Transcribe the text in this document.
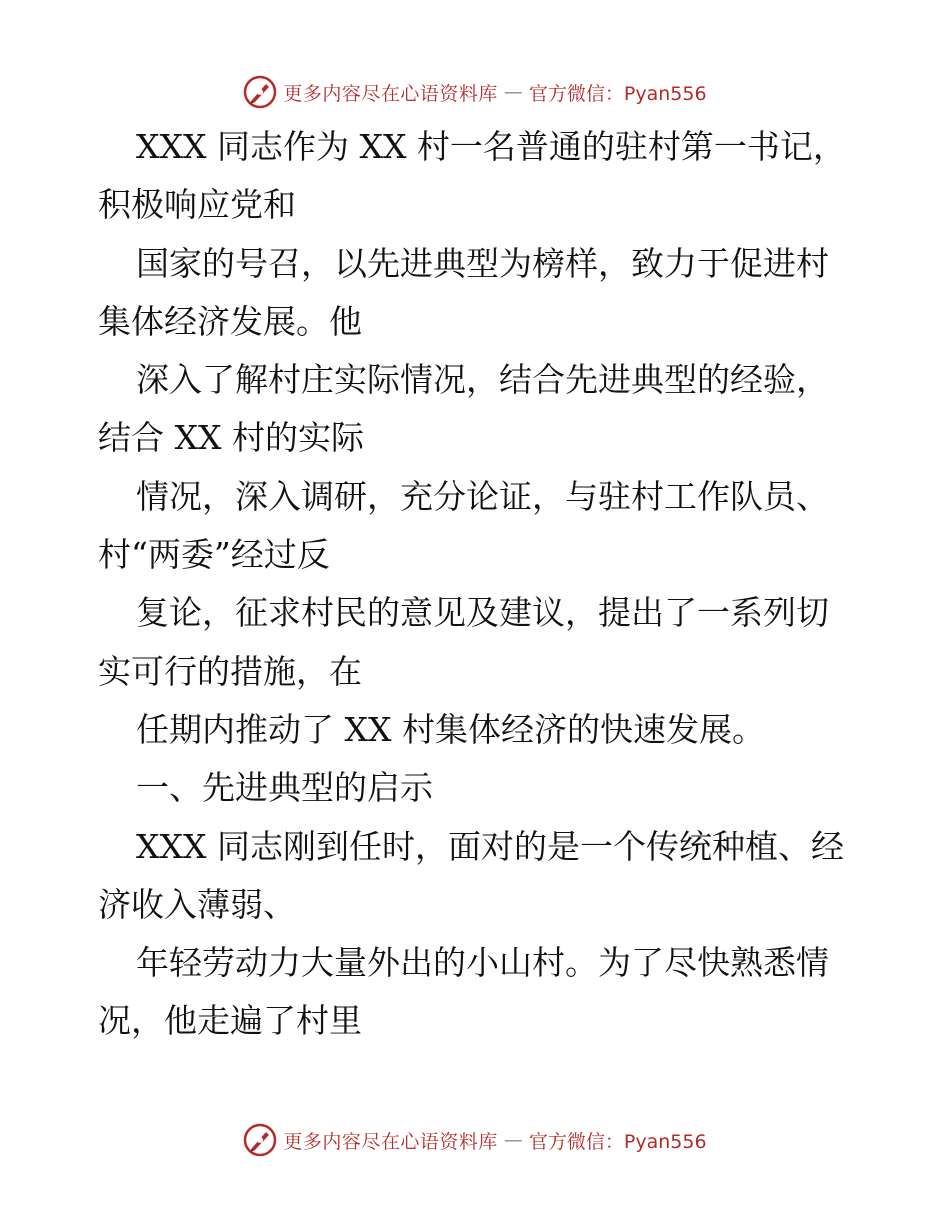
更多内容尽在心语资料库 — 官方微信：Pyan556
XXX 同志作为 XX 村一名普通的驻村第一书记，
积极响应党和
国家的号召，以先进典型为榜样，致力于促进村
集体经济发展。他
深入了解村庄实际情况，结合先进典型的经验，
结合 XX 村的实际
情况，深入调研，充分论证，与驻村工作队员、
村“两委”经过反
复论，征求村民的意见及建议，提出了一系列切
实可行的措施，在
任期内推动了 XX 村集体经济的快速发展。
一、先进典型的启示
XXX 同志刚到任时，面对的是一个传统种植、经
济收入薄弱、
年轻劳动力大量外出的小山村。为了尽快熟悉情
况，他走遍了村里
更多内容尽在心语资料库 — 官方微信：Pyan556
